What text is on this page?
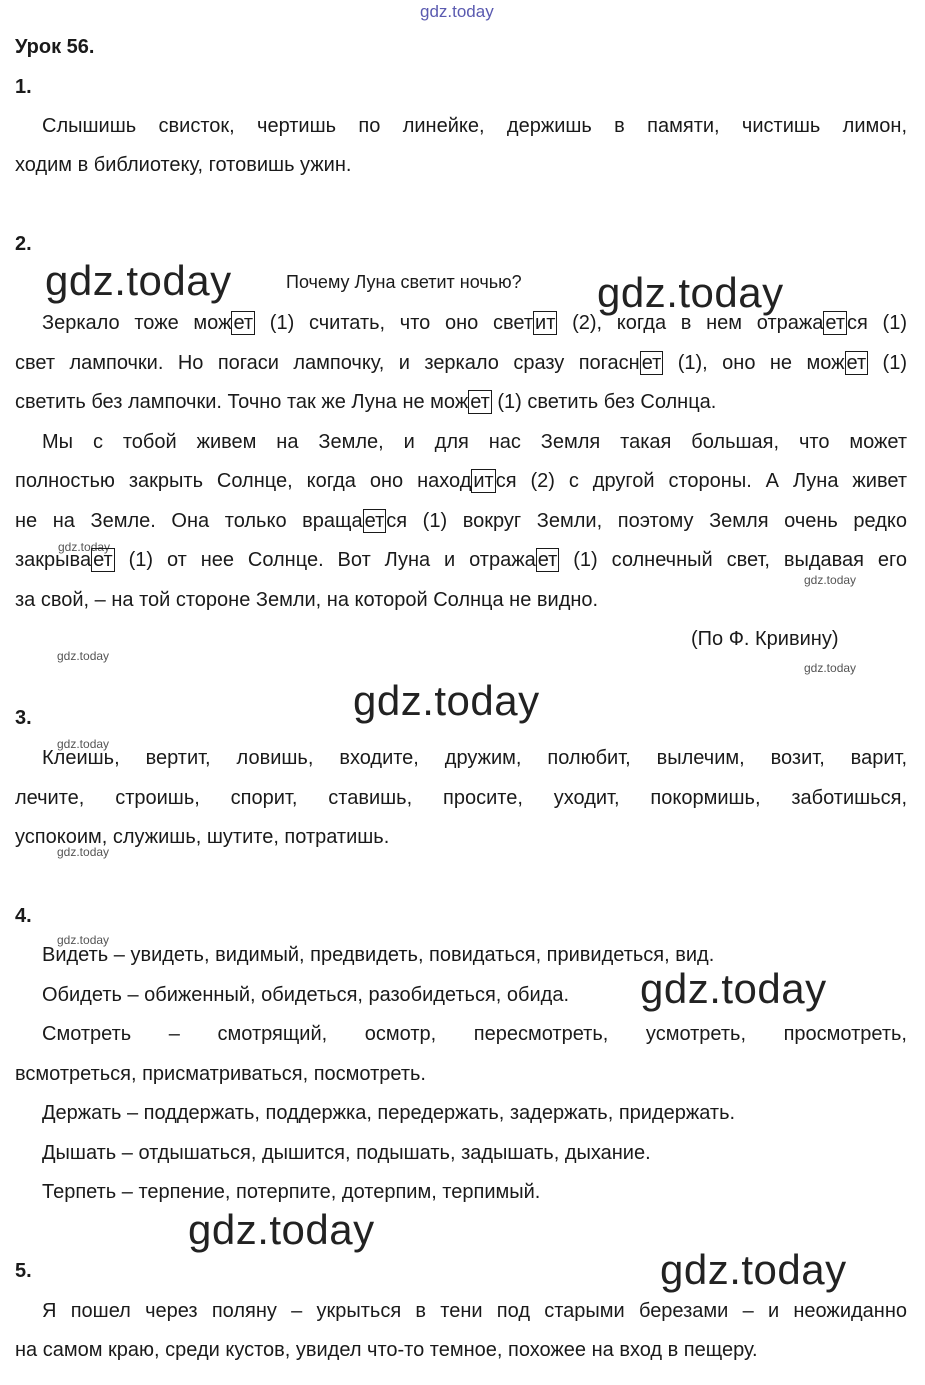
gdz.today
gdz.today	gdz.today
gdz.today
gdz.today
gdz.today
gdz.today
gdz.today
gdz.today
gdz.today
gdz.today
gdz.today
gdz.today
gdz.today
Урок 56.
1.
Слышишь свисток, чертишь по линейке, держишь в памяти, чистишь лимон,
ходим в библиотеку, готовишь ужин.
2.
Почему Луна светит ночью?
Зеркало тоже мож ет (1) считать, что оно свет ит (2), когда в нем отража ет ся (1)
свет лампочки. Но погаси лампочку, и зеркало сразу погасн ет (1), оно не мож ет (1)
светить без лампочки. Точно так же Луна не мож ет (1) светить без Солнца.
Мы с тобой живем на Земле, и для нас Земля такая большая, что может
полностью закрыть Солнце, когда оно наход ит ся (2) с другой стороны. А Луна живет
не на Земле. Она только вращa ет ся (1) вокруг Земли, поэтому Земля очень редко
закрыва ет (1) от нее Солнце. Вот Луна и отража ет (1) солнечный свет, выдавая его
за свой, – на той стороне Земли, на которой Солнца не видно.
(По Ф. Кривину)
3.
Клеишь, вертит, ловишь, входите, дружим, полюбит, вылечим, возит, варит,
лечите, строишь, спорит, ставишь, просите, уходит, покормишь, заботишься,
успокоим, служишь, шутите, потратишь.
4.
Видеть – увидеть, видимый, предвидеть, повидаться, привидеться, вид.
Обидеть – обиженный, обидеться, разобидеться, обида.
Смотреть – смотрящий, осмотр, пересмотреть, усмотреть, просмотреть,
всмотреться, присматриваться, посмотреть.
Держать – поддержать, поддержка, передержать, задержать, придержать.
Дышать – отдышаться, дышится, подышать, задышать, дыхание.
Терпеть – терпение, потерпите, дотерпим, терпимый.
5.
Я пошел через поляну – укрыться в тени под старыми березами – и неожиданно
на самом краю, среди кустов, увидел что-то темное, похожее на вход в пещеру.
